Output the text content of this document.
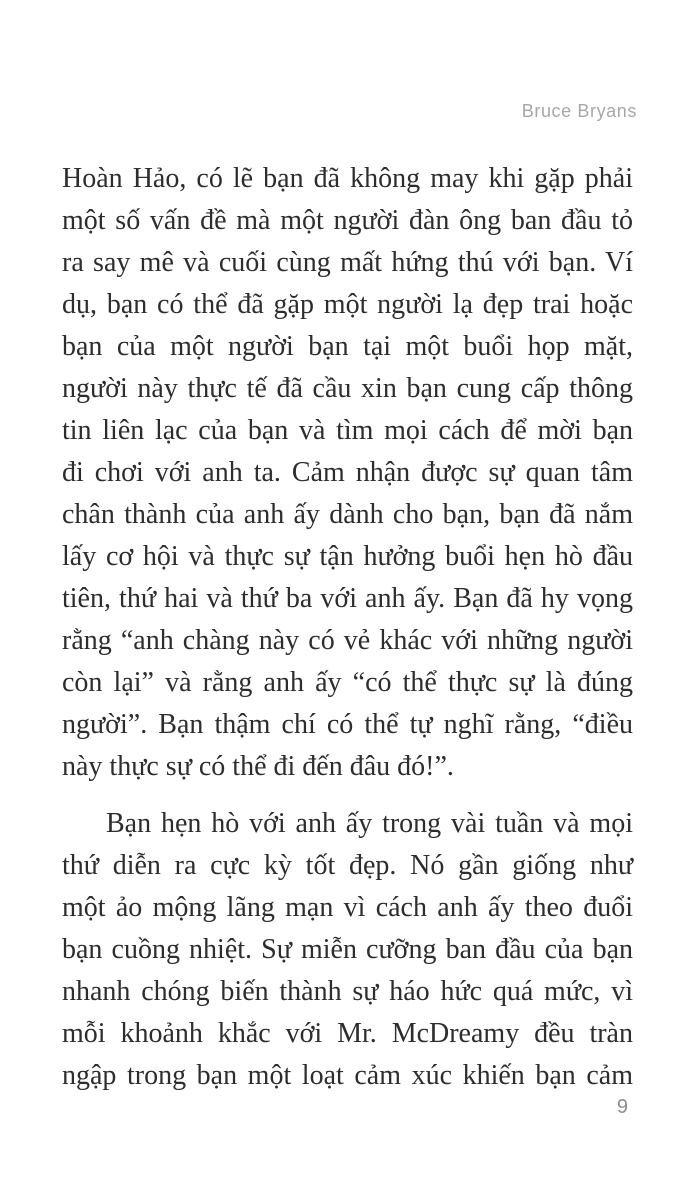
Bruce Bryans
Hoàn Hảo, có lẽ bạn đã không may khi gặp phải
một số vấn đề mà một người đàn ông ban đầu tỏ
ra say mê và cuối cùng mất hứng thú với bạn. Ví
dụ, bạn có thể đã gặp một người lạ đẹp trai hoặc
bạn của một người bạn tại một buổi họp mặt,
người này thực tế đã cầu xin bạn cung cấp thông
tin liên lạc của bạn và tìm mọi cách để mời bạn
đi chơi với anh ta. Cảm nhận được sự quan tâm
chân thành của anh ấy dành cho bạn, bạn đã nắm
lấy cơ hội và thực sự tận hưởng buổi hẹn hò đầu
tiên, thứ hai và thứ ba với anh ấy. Bạn đã hy vọng
rằng “anh chàng này có vẻ khác với những người
còn lại” và rằng anh ấy “có thể thực sự là đúng
người”. Bạn thậm chí có thể tự nghĩ rằng, “điều
này thực sự có thể đi đến đâu đó!”.
Bạn hẹn hò với anh ấy trong vài tuần và mọi
thứ diễn ra cực kỳ tốt đẹp. Nó gần giống như
một ảo mộng lãng mạn vì cách anh ấy theo đuổi
bạn cuồng nhiệt. Sự miễn cưỡng ban đầu của bạn
nhanh chóng biến thành sự háo hức quá mức, vì
mỗi khoảnh khắc với Mr. McDreamy đều tràn
ngập trong bạn một loạt cảm xúc khiến bạn cảm
9
